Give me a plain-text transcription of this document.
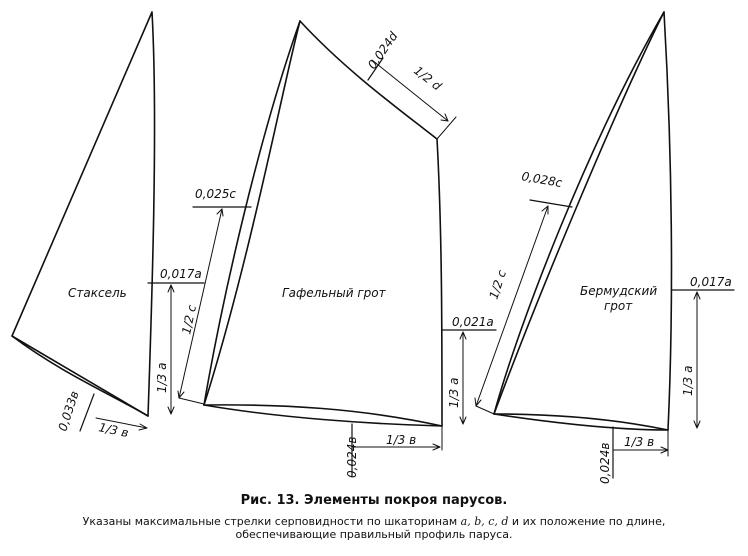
Стаксель
0,017а
1/3 а
0,033в 1/3 в
Гафельный грот
0,024d
1/2 d
0,025с
1/2 с	0,021а
1/3 а
0,024в 1/3 в
Бермудский
грот
0,028с
1/2 с	0,017а
1/3 а
0,024в
1/3 в
Рис. 13. Элементы покроя парусов.
Указаны максимальные стрелки серповидности по шкаторинам a, b, c, d и их положение по длине,
обеспечивающие правильный профиль паруса.
